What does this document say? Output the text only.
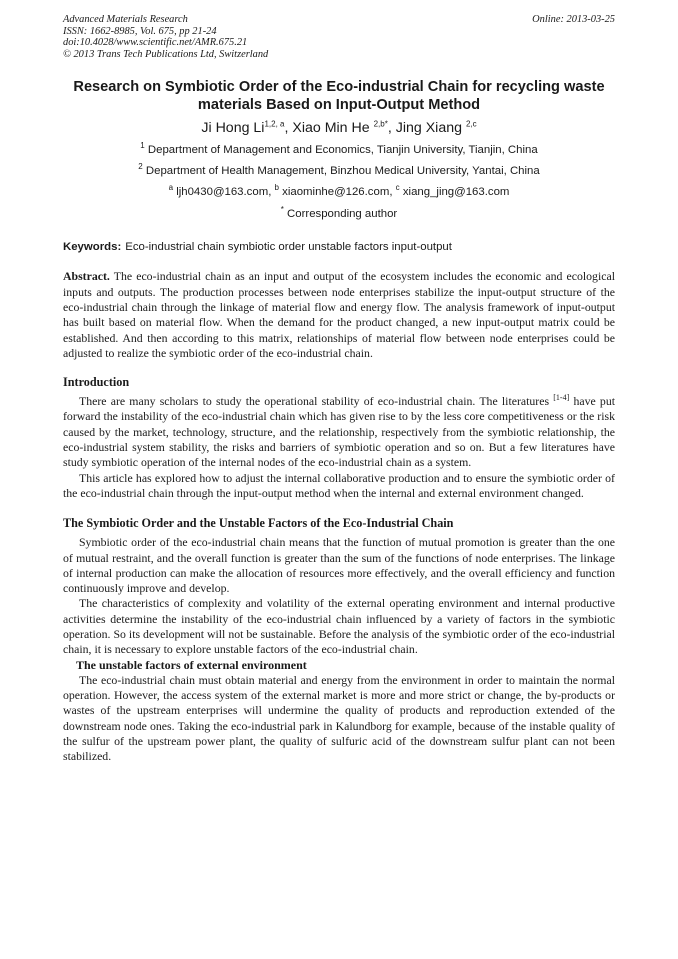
Advanced Materials Research
ISSN: 1662-8985, Vol. 675, pp 21-24
doi:10.4028/www.scientific.net/AMR.675.21
© 2013 Trans Tech Publications Ltd, Switzerland
Online: 2013-03-25
Research on Symbiotic Order of the Eco-industrial Chain for recycling waste materials Based on Input-Output Method
Ji Hong Li$^{1,2, a}$, Xiao Min He $^{2,b*}$, Jing Xiang $^{2,c}$
$^1$ Department of Management and Economics, Tianjin University, Tianjin, China
$^2$ Department of Health Management, Binzhou Medical University, Yantai, China
$^a$ ljh0430@163.com, $^b$ xiaominhe@126.com, $^c$ xiang_jing@163.com
* Corresponding author
Keywords: Eco-industrial chain symbiotic order unstable factors input-output

Abstract. The eco-industrial chain as an input and output of the ecosystem includes the economic and ecological inputs and outputs. The production processes between node enterprises stabilize the input-output structure of the eco-industrial chain through the linkage of material flow and energy flow. The analysis framework of input-output has built based on material flow. When the demand for the product changed, a new input-output matrix could be established. And then according to this matrix, relationships of material flow between node enterprises could be adjusted to realize the symbiotic order of the eco-industrial chain.

Introduction

There are many scholars to study the operational stability of eco-industrial chain. The literatures [1-4] have put forward the instability of the eco-industrial chain which has given rise to by the less core competitiveness or the risk caused by the market, technology, structure, and the relationship, respectively from the symbiotic relationship, the eco-industrial system stability, the risks and barriers of symbiotic operation and so on. But a few literatures have study symbiotic operation of the internal nodes of the eco-industrial chain as a system.

This article has explored how to adjust the internal collaborative production and to ensure the symbiotic order of the eco-industrial chain through the input-output method when the internal and external environment changed.

The Symbiotic Order and the Unstable Factors of the Eco-Industrial Chain

Symbiotic order of the eco-industrial chain means that the function of mutual promotion is greater than the one of mutual restraint, and the overall function is greater than the sum of the functions of node enterprises. The linkage of internal production can make the allocation of resources more effectively, and the overall efficiency and function continuously improve and develop.

The characteristics of complexity and volatility of the external operating environment and internal productive activities determine the instability of the eco-industrial chain influenced by a variety of factors in the symbiotic operation. So its development will not be sustainable. Before the analysis of the symbiotic order of the eco-industrial chain, it is necessary to explore unstable factors of the eco-industrial chain.

The unstable factors of external environment

The eco-industrial chain must obtain material and energy from the environment in order to maintain the normal operation. However, the access system of the external market is more and more strict or change, the by-products or wastes of the upstream enterprises will undermine the quality of products and reproduction extended of the downstream node ones. Taking the eco-industrial park in Kalundborg for example, because of the instable quality of the sulfur of the upstream power plant, the quality of sulfuric acid of the downstream sulfur plant can not been stabilized.
